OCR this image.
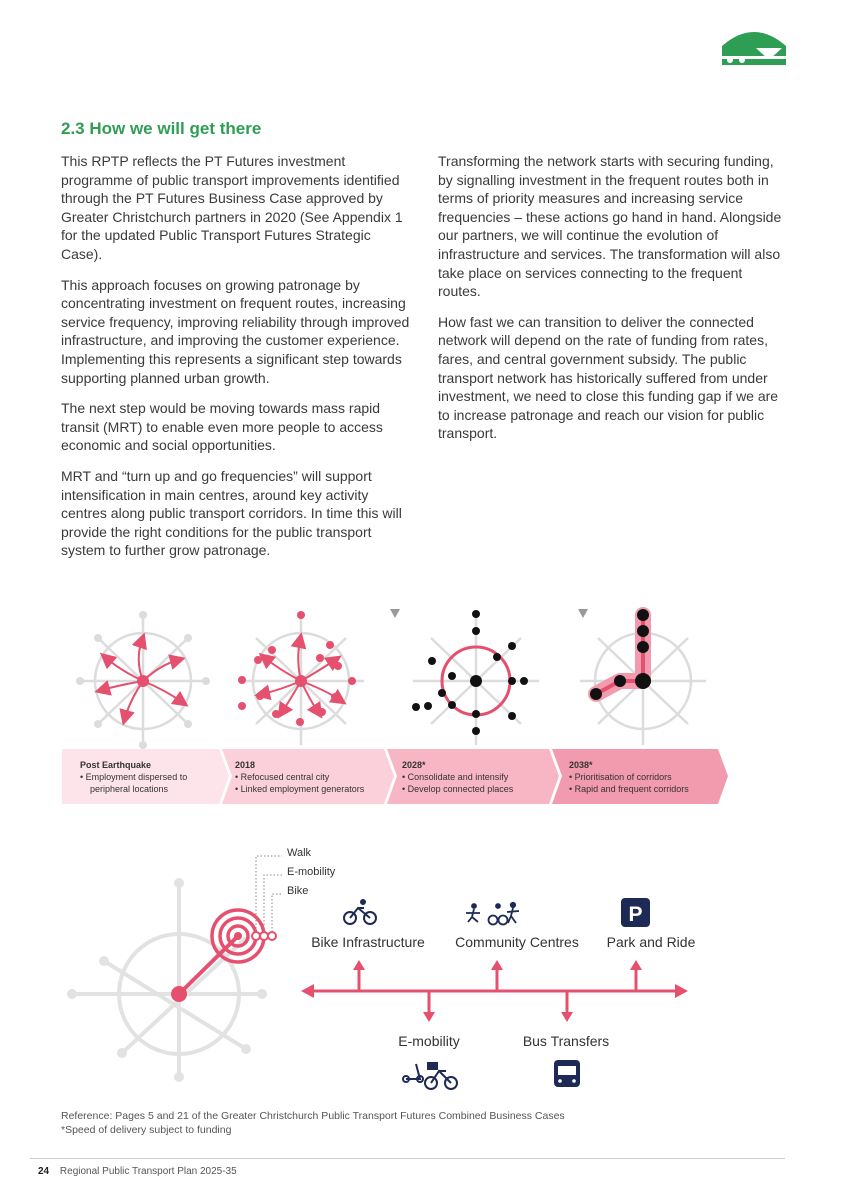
2.3 How we will get there

This RPTP reflects the PT Futures investment programme of public transport improvements identified through the PT Futures Business Case approved by Greater Christchurch partners in 2020 (See Appendix 1 for the updated Public Transport Futures Strategic Case).

This approach focuses on growing patronage by concentrating investment on frequent routes, increasing service frequency, improving reliability through improved infrastructure, and improving the customer experience. Implementing this represents a significant step towards supporting planned urban growth.

The next step would be moving towards mass rapid transit (MRT) to enable even more people to access economic and social opportunities.

MRT and “turn up and go frequencies” will support intensification in main centres, around key activity centres along public transport corridors. In time this will provide the right conditions for the public transport system to further grow patronage.

Transforming the network starts with securing funding, by signalling investment in the frequent routes both in terms of priority measures and increasing service frequencies – these actions go hand in hand. Alongside our partners, we will continue the evolution of infrastructure and services. The transformation will also take place on services connecting to the frequent routes.

How fast we can transition to deliver the connected network will depend on the rate of funding from rates, fares, and central government subsidy. The public transport network has historically suffered from under investment, we need to close this funding gap if we are to increase patronage and reach our vision for public transport.

Post Earthquake
• Employment dispersed to
peripheral locations
2018
• Refocused central city
• Linked employment generators
2028*
• Consolidate and intensify
• Develop connected places
2038*
• Prioritisation of corridors
• Rapid and frequent corridors
Walk
E-mobility
Bike
Bike Infrastructure Community Centres Park and Ride
E-mobility	Bus Transfers
P
Reference: Pages 5 and 21 of the Greater Christchurch Public Transport Futures Combined Business Cases
*Speed of delivery subject to funding
24 Regional Public Transport Plan 2025-35
